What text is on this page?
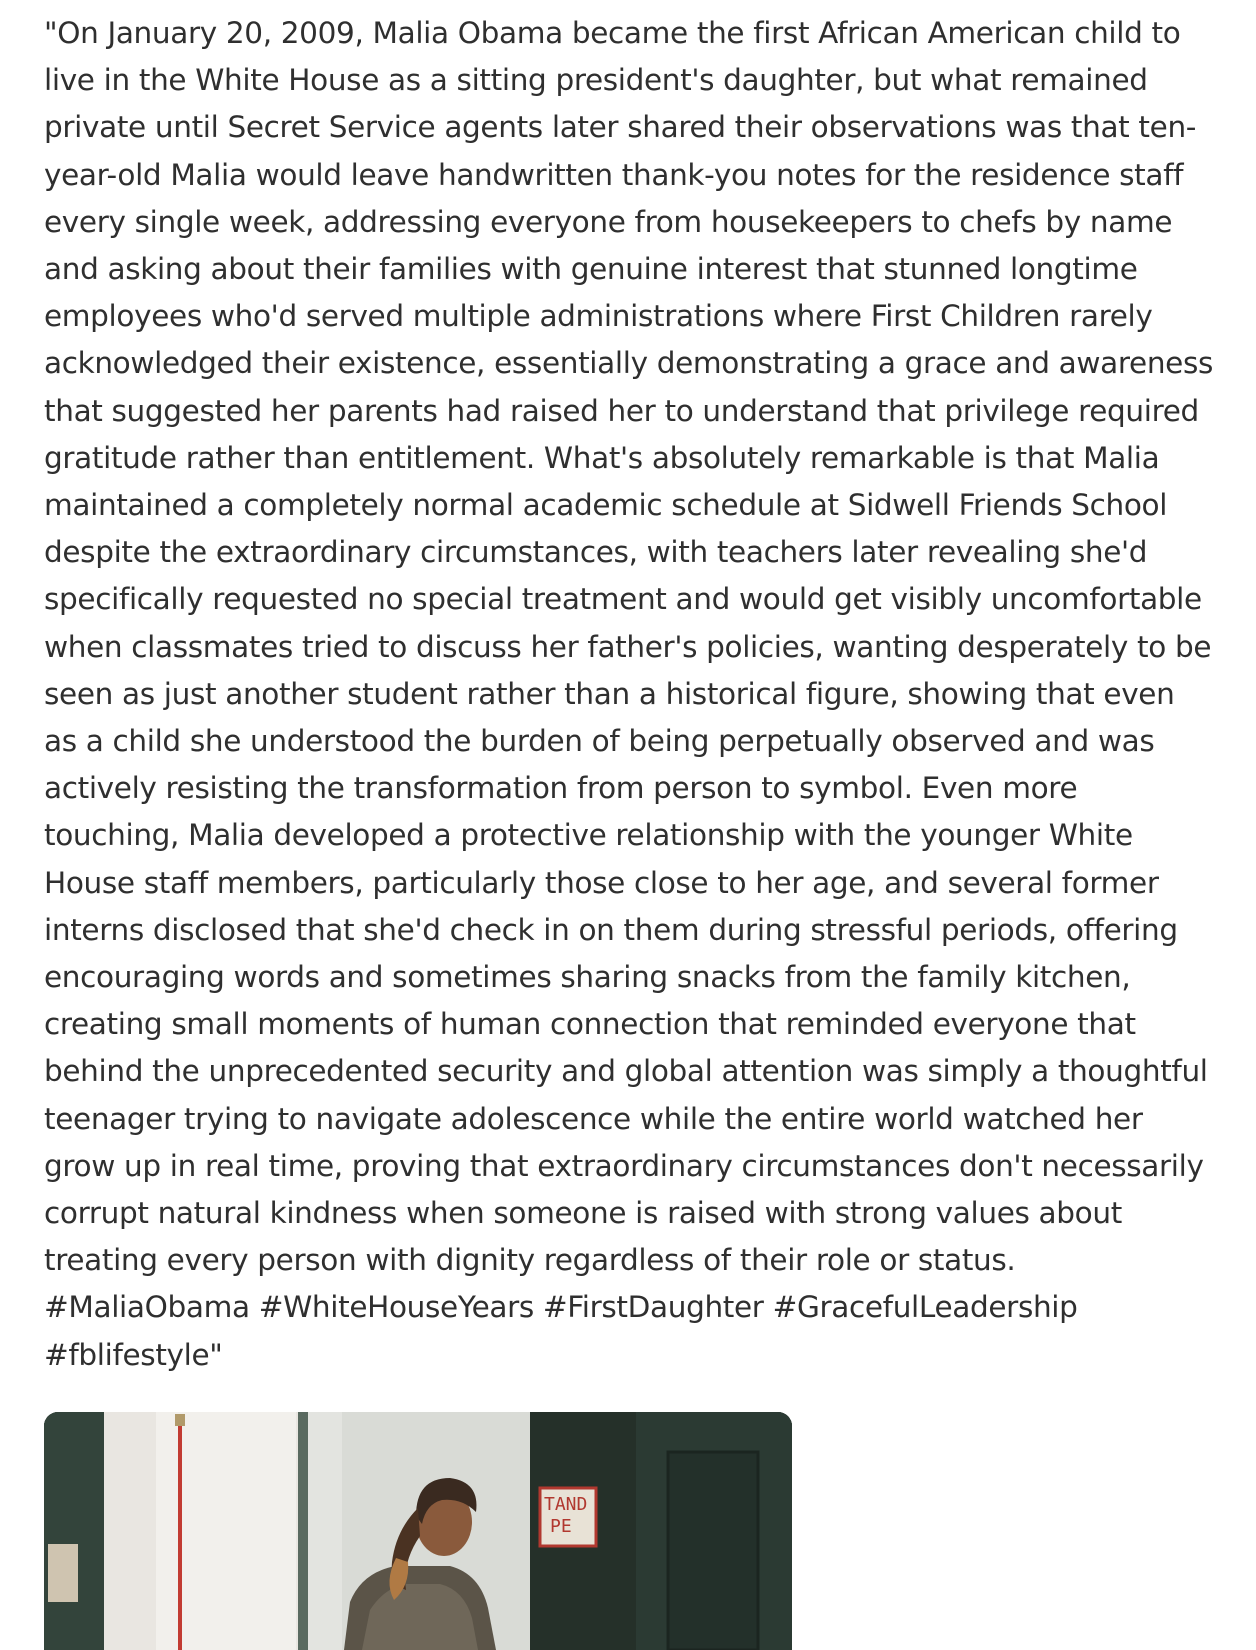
"On January 20, 2009, Malia Obama became the first African American child to live in the White House as a sitting president's daughter, but what remained private until Secret Service agents later shared their observations was that ten-year-old Malia would leave handwritten thank-you notes for the residence staff every single week, addressing everyone from housekeepers to chefs by name and asking about their families with genuine interest that stunned longtime employees who'd served multiple administrations where First Children rarely acknowledged their existence, essentially demonstrating a grace and awareness that suggested her parents had raised her to understand that privilege required gratitude rather than entitlement. What's absolutely remarkable is that Malia maintained a completely normal academic schedule at Sidwell Friends School despite the extraordinary circumstances, with teachers later revealing she'd specifically requested no special treatment and would get visibly uncomfortable when classmates tried to discuss her father's policies, wanting desperately to be seen as just another student rather than a historical figure, showing that even as a child she understood the burden of being perpetually observed and was actively resisting the transformation from person to symbol. Even more touching, Malia developed a protective relationship with the younger White House staff members, particularly those close to her age, and several former interns disclosed that she'd check in on them during stressful periods, offering encouraging words and sometimes sharing snacks from the family kitchen, creating small moments of human connection that reminded everyone that behind the unprecedented security and global attention was simply a thoughtful teenager trying to navigate adolescence while the entire world watched her grow up in real time, proving that extraordinary circumstances don't necessarily corrupt natural kindness when someone is raised with strong values about treating every person with dignity regardless of their role or status. #MaliaObama #WhiteHouseYears #FirstDaughter #GracefulLeadership #fblifestyle"

TAND
PE
